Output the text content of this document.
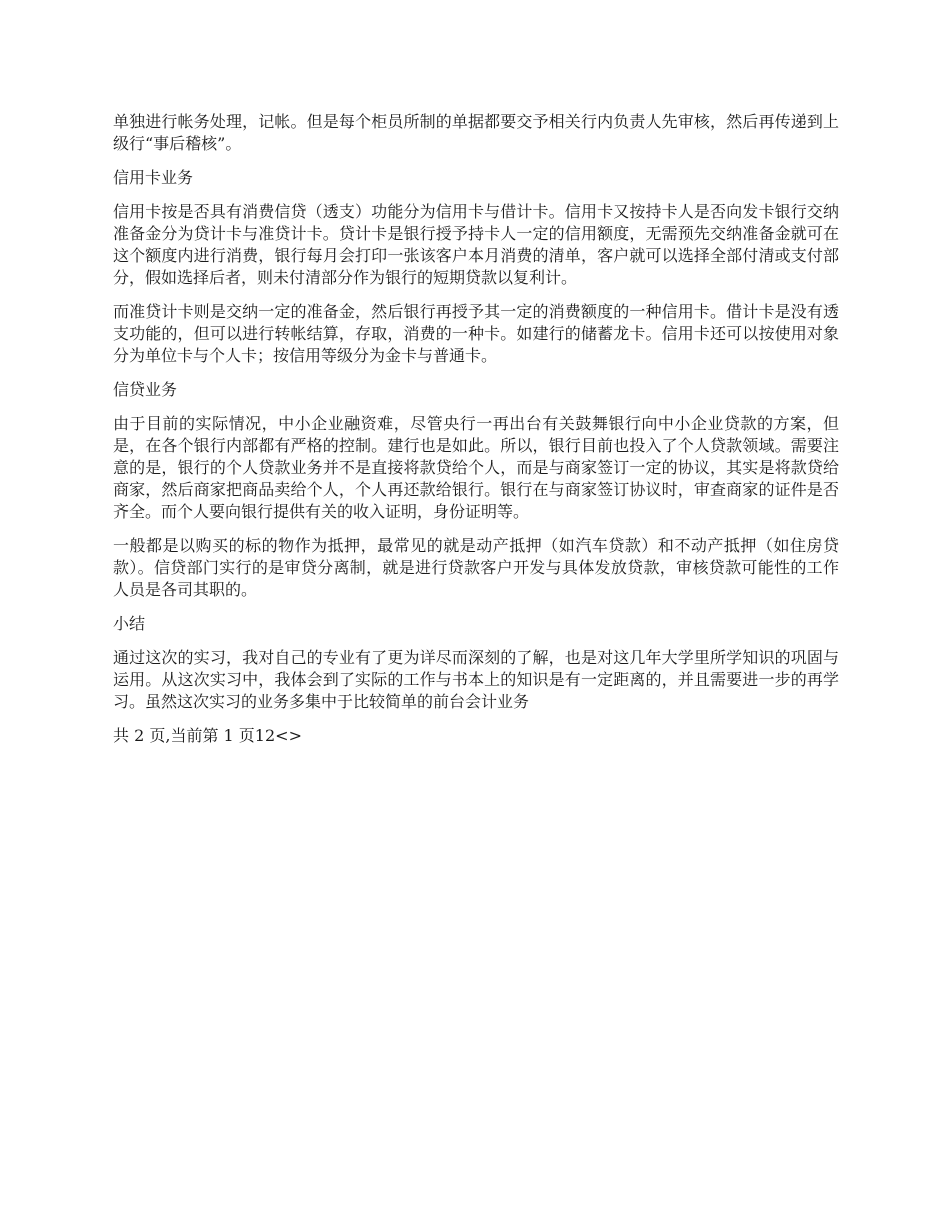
单独进行帐务处理，记帐。但是每个柜员所制的单据都要交予相关行内负责人先审核，然后再传递到上级行“事后稽核”。

信用卡业务

信用卡按是否具有消费信贷（透支）功能分为信用卡与借计卡。信用卡又按持卡人是否向发卡银行交纳准备金分为贷计卡与准贷计卡。贷计卡是银行授予持卡人一定的信用额度，无需预先交纳准备金就可在这个额度内进行消费，银行每月会打印一张该客户本月消费的清单，客户就可以选择全部付清或支付部分，假如选择后者，则未付清部分作为银行的短期贷款以复利计。

而准贷计卡则是交纳一定的准备金，然后银行再授予其一定的消费额度的一种信用卡。借计卡是没有透支功能的，但可以进行转帐结算，存取，消费的一种卡。如建行的储蓄龙卡。信用卡还可以按使用对象分为单位卡与个人卡；按信用等级分为金卡与普通卡。

信贷业务

由于目前的实际情况，中小企业融资难，尽管央行一再出台有关鼓舞银行向中小企业贷款的方案，但是，在各个银行内部都有严格的控制。建行也是如此。所以，银行目前也投入了个人贷款领域。需要注意的是，银行的个人贷款业务并不是直接将款贷给个人，而是与商家签订一定的协议，其实是将款贷给商家，然后商家把商品卖给个人，个人再还款给银行。银行在与商家签订协议时，审查商家的证件是否齐全。而个人要向银行提供有关的收入证明，身份证明等。

一般都是以购买的标的物作为抵押，最常见的就是动产抵押（如汽车贷款）和不动产抵押（如住房贷款）。信贷部门实行的是审贷分离制，就是进行贷款客户开发与具体发放贷款，审核贷款可能性的工作人员是各司其职的。

小结

通过这次的实习，我对自己的专业有了更为详尽而深刻的了解，也是对这几年大学里所学知识的巩固与运用。从这次实习中，我体会到了实际的工作与书本上的知识是有一定距离的，并且需要进一步的再学习。虽然这次实习的业务多集中于比较简单的前台会计业务

共 2 页,当前第 1 页 1 2 < >
